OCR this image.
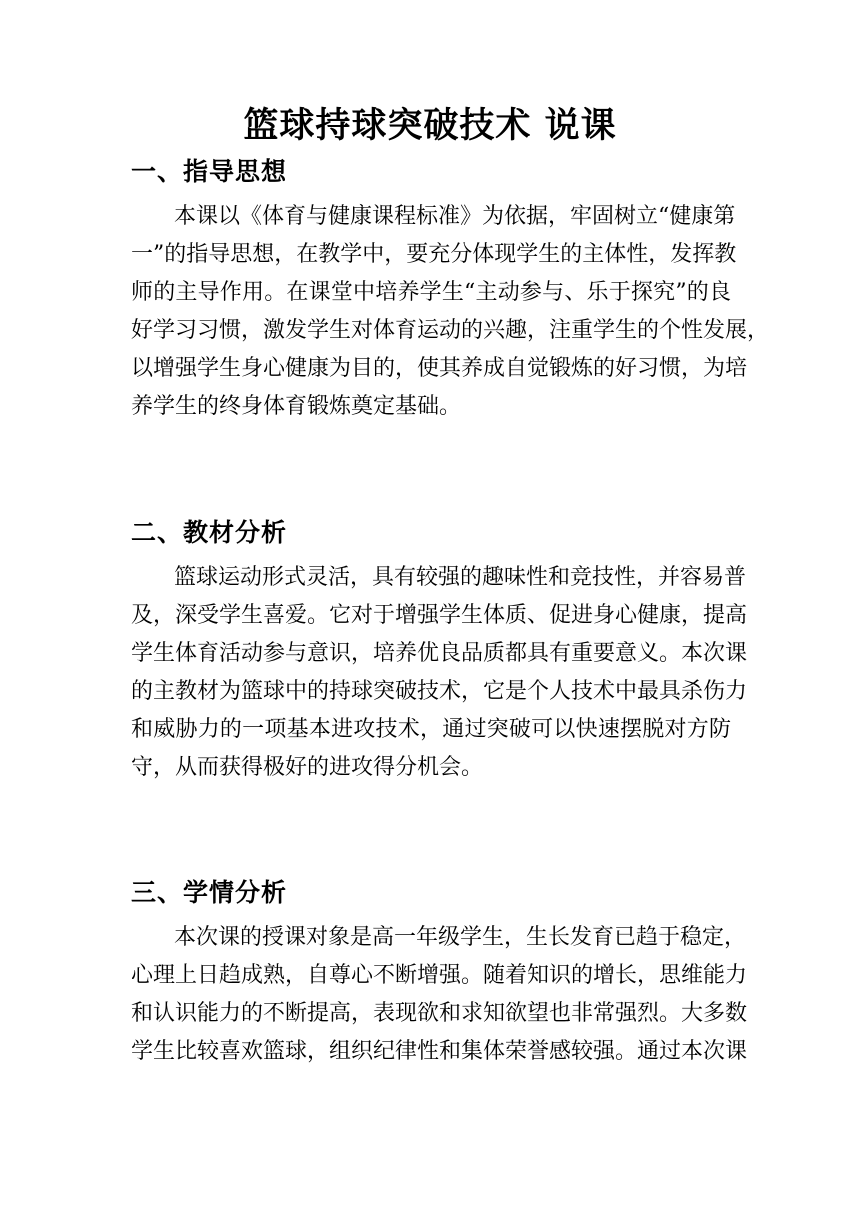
篮球持球突破技术 说课
一、指导思想
本课以《体育与健康课程标准》为依据，牢固树立“健康第
一”的指导思想，在教学中，要充分体现学生的主体性，发挥教
师的主导作用。在课堂中培养学生“主动参与、乐于探究”的良
好学习习惯，激发学生对体育运动的兴趣，注重学生的个性发展，
以增强学生身心健康为目的，使其养成自觉锻炼的好习惯，为培
养学生的终身体育锻炼奠定基础。
二、教材分析
篮球运动形式灵活，具有较强的趣味性和竞技性，并容易普
及，深受学生喜爱。它对于增强学生体质、促进身心健康，提高
学生体育活动参与意识，培养优良品质都具有重要意义。本次课
的主教材为篮球中的持球突破技术，它是个人技术中最具杀伤力
和威胁力的一项基本进攻技术，通过突破可以快速摆脱对方防
守，从而获得极好的进攻得分机会。
三、学情分析
本次课的授课对象是高一年级学生，生长发育已趋于稳定，
心理上日趋成熟，自尊心不断增强。随着知识的增长，思维能力
和认识能力的不断提高，表现欲和求知欲望也非常强烈。大多数
学生比较喜欢篮球，组织纪律性和集体荣誉感较强。通过本次课
